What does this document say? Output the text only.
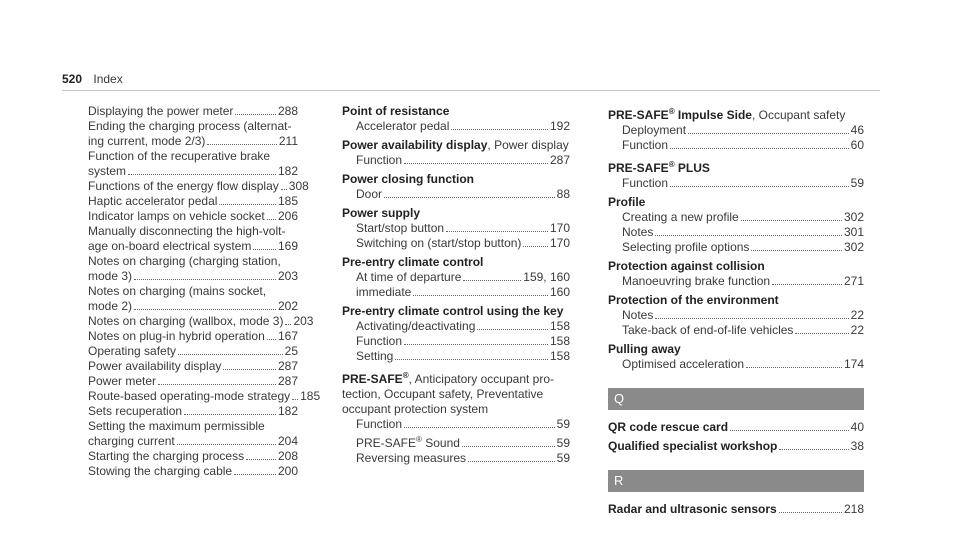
520 Index
Displaying the power meter	288
Ending the charging process (alternat-
ing current, mode 2/3)	211
Function of the recuperative brake
system	182
Functions of the energy flow display 308
Haptic accelerator pedal	185
Indicator lamps on vehicle socket 206
Manually disconnecting the high-volt-
age on-board electrical system 169
Notes on charging (charging station,
mode 3)	203
Notes on charging (mains socket,
mode 2)	202
Notes on charging (wallbox, mode 3) 203
Notes on plug-in hybrid operation 167
Operating safety	25
Power availability display	287
Power meter	287
Route-based operating-mode strategy 185
Sets recuperation	182
Setting the maximum permissible
charging current	204
Starting the charging process	208
Stowing the charging cable	200
Point of resistance
Accelerator pedal	192
Power availability display, Power display
Function	287
Power closing function
Door	88
Power supply
Start/stop button	170
Switching on (start/stop button) 170
Pre-entry climate control
At time of departure	159, 160
immediate	160
Pre-entry climate control using the key
Activating/deactivating	158
Function	158
Setting	158
PRE-SAFE®, Anticipatory occupant pro-
tection, Occupant safety, Preventative
occupant protection system
Function	59
PRE-SAFE® Sound	59
Reversing measures	59
PRE-SAFE® Impulse Side, Occupant safety
Deployment	46
Function	60
PRE-SAFE® PLUS
Function	59
Profile
Creating a new profile	302
Notes	301
Selecting profile options	302
Protection against collision
Manoeuvring brake function	271
Protection of the environment
Notes	22
Take-back of end-of-life vehicles	22
Pulling away
Optimised acceleration	174
Q
QR code rescue card	40
Qualified specialist workshop	38
R
Radar and ultrasonic sensors	218
